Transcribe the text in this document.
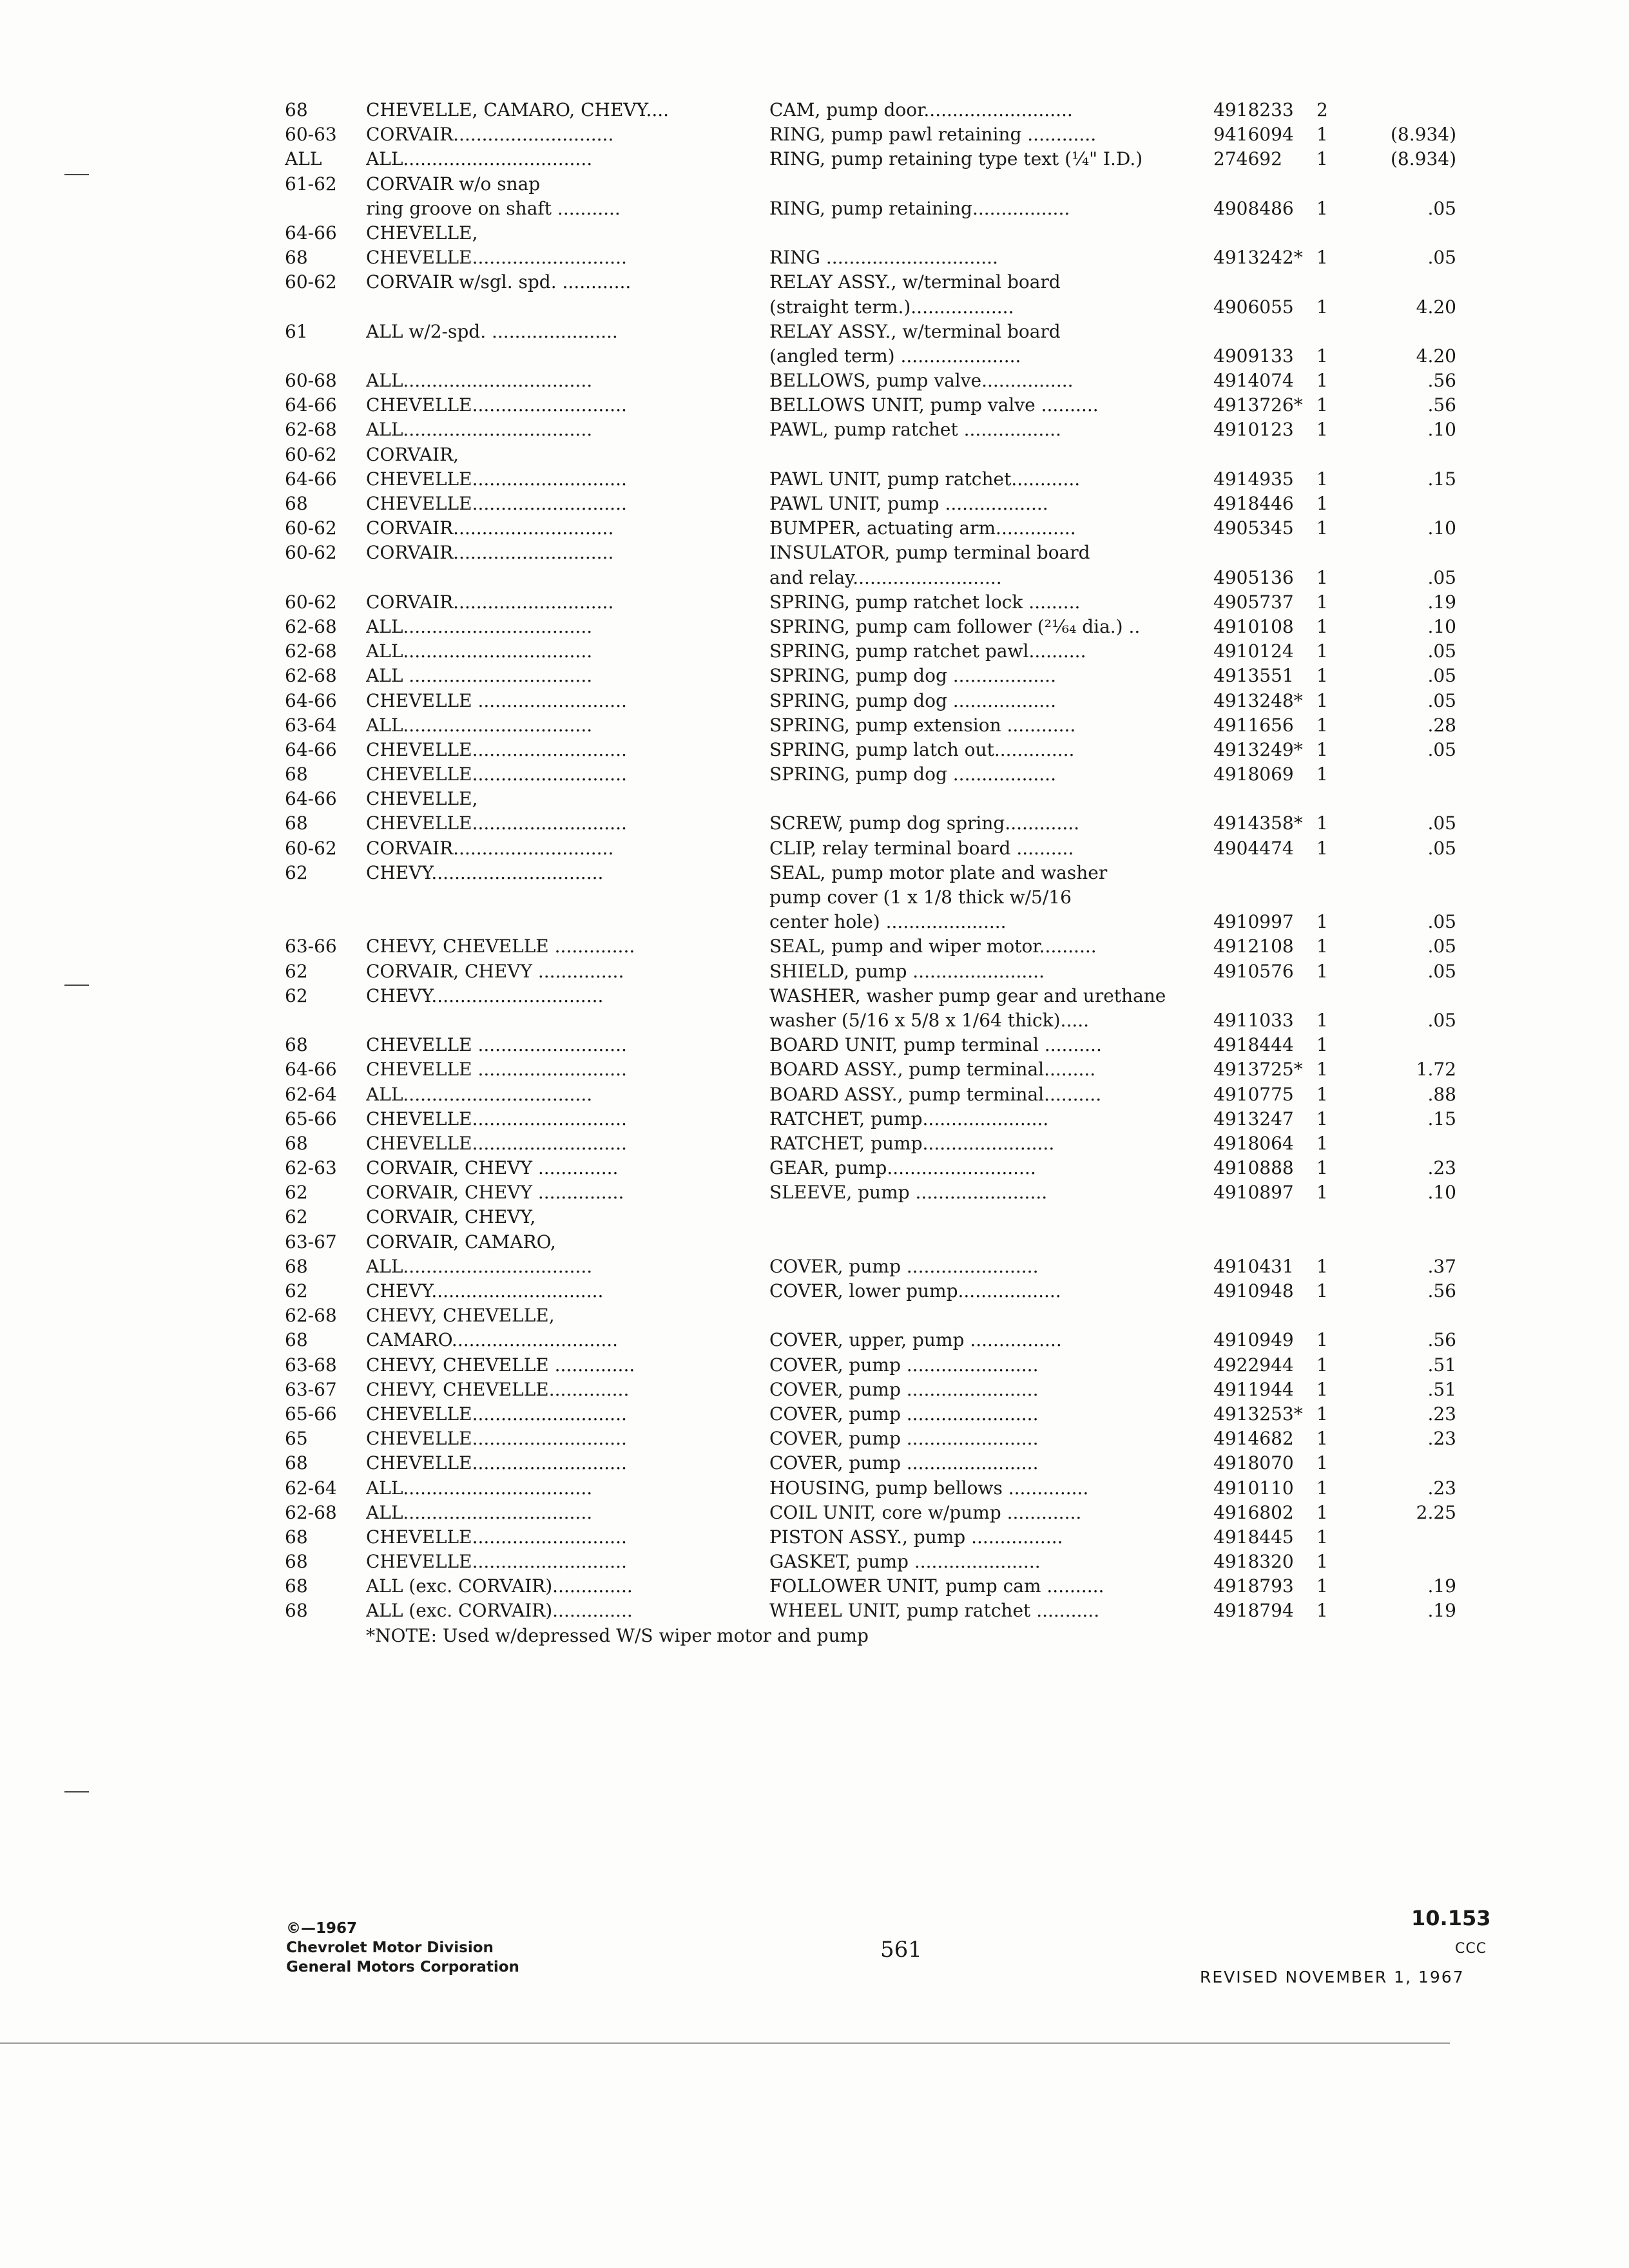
68	CHEVELLE, CAMARO, CHEVY....	CAM, pump door..........................	4918233 2
60-63 CORVAIR............................	RING, pump pawl retaining ............	9416094 1	(8.934)
ALL ALL.................................	RING, pump retaining type text (¼" I.D.)	274692 1	(8.934)
61-62 CORVAIR w/o snap
ring groove on shaft ...........	RING, pump retaining.................	4908486 1	.05
64-66 CHEVELLE,
68	CHEVELLE...........................	RING ..............................	4913242* 1	.05
60-62 CORVAIR w/sgl. spd. ............	RELAY ASSY., w/terminal board
(straight term.)..................	4906055 1	4.20
61	ALL w/2-spd. ......................	RELAY ASSY., w/terminal board
(angled term) .....................	4909133 1	4.20
60-68 ALL.................................	BELLOWS, pump valve................	4914074 1	.56
64-66 CHEVELLE...........................	BELLOWS UNIT, pump valve ..........	4913726* 1	.56
62-68 ALL.................................	PAWL, pump ratchet .................	4910123 1	.10
60-62 CORVAIR,
64-66 CHEVELLE...........................	PAWL UNIT, pump ratchet............	4914935 1	.15
68	CHEVELLE...........................	PAWL UNIT, pump ..................	4918446 1
60-62 CORVAIR............................	BUMPER, actuating arm..............	4905345 1	.10
60-62 CORVAIR............................	INSULATOR, pump terminal board
and relay..........................	4905136 1	.05
60-62 CORVAIR............................	SPRING, pump ratchet lock .........	4905737 1	.19
62-68 ALL.................................	SPRING, pump cam follower (²¹⁄₆₄ dia.) ..	4910108 1	.10
62-68 ALL.................................	SPRING, pump ratchet pawl..........	4910124 1	.05
62-68 ALL ................................	SPRING, pump dog ..................	4913551 1	.05
64-66 CHEVELLE ..........................	SPRING, pump dog ..................	4913248* 1	.05
63-64 ALL.................................	SPRING, pump extension ............	4911656 1	.28
64-66 CHEVELLE...........................	SPRING, pump latch out..............	4913249* 1	.05
68	CHEVELLE...........................	SPRING, pump dog ..................	4918069 1
64-66 CHEVELLE,
68	CHEVELLE...........................	SCREW, pump dog spring.............	4914358* 1	.05
60-62 CORVAIR............................	CLIP, relay terminal board ..........	4904474 1	.05
62	CHEVY..............................	SEAL, pump motor plate and washer
pump cover (1 x 1/8 thick w/5/16
center hole) .....................	4910997 1	.05
63-66 CHEVY, CHEVELLE ..............	SEAL, pump and wiper motor..........	4912108 1	.05
62	CORVAIR, CHEVY ...............	SHIELD, pump .......................	4910576 1	.05
62	CHEVY..............................	WASHER, washer pump gear and urethane
washer (5/16 x 5/8 x 1/64 thick).....	4911033 1	.05
68	CHEVELLE ..........................	BOARD UNIT, pump terminal ..........	4918444 1
64-66 CHEVELLE ..........................	BOARD ASSY., pump terminal.........	4913725* 1	1.72
62-64 ALL.................................	BOARD ASSY., pump terminal..........	4910775 1	.88
65-66 CHEVELLE...........................	RATCHET, pump......................	4913247 1	.15
68	CHEVELLE...........................	RATCHET, pump.......................	4918064 1
62-63 CORVAIR, CHEVY ..............	GEAR, pump..........................	4910888 1	.23
62	CORVAIR, CHEVY ...............	SLEEVE, pump .......................	4910897 1	.10
62	CORVAIR, CHEVY,
63-67 CORVAIR, CAMARO,
68	ALL.................................	COVER, pump .......................	4910431 1	.37
62	CHEVY..............................	COVER, lower pump..................	4910948 1	.56
62-68 CHEVY, CHEVELLE,
68	CAMARO.............................	COVER, upper, pump ................	4910949 1	.56
63-68 CHEVY, CHEVELLE ..............	COVER, pump .......................	4922944 1	.51
63-67 CHEVY, CHEVELLE..............	COVER, pump .......................	4911944 1	.51
65-66 CHEVELLE...........................	COVER, pump .......................	4913253* 1	.23
65	CHEVELLE...........................	COVER, pump .......................	4914682 1	.23
68	CHEVELLE...........................	COVER, pump .......................	4918070 1
62-64 ALL.................................	HOUSING, pump bellows ..............	4910110 1	.23
62-68 ALL.................................	COIL UNIT, core w/pump .............	4916802 1	2.25
68	CHEVELLE...........................	PISTON ASSY., pump ................	4918445 1
68	CHEVELLE...........................	GASKET, pump ......................	4918320 1
68	ALL (exc. CORVAIR)..............	FOLLOWER UNIT, pump cam ..........	4918793 1	.19
68	ALL (exc. CORVAIR)..............	WHEEL UNIT, pump ratchet ...........	4918794 1	.19
*NOTE: Used w/depressed W/S wiper motor and pump
©—1967
Chevrolet Motor Division
General Motors Corporation
561
10.153
CCC
REVISED NOVEMBER 1, 1967
